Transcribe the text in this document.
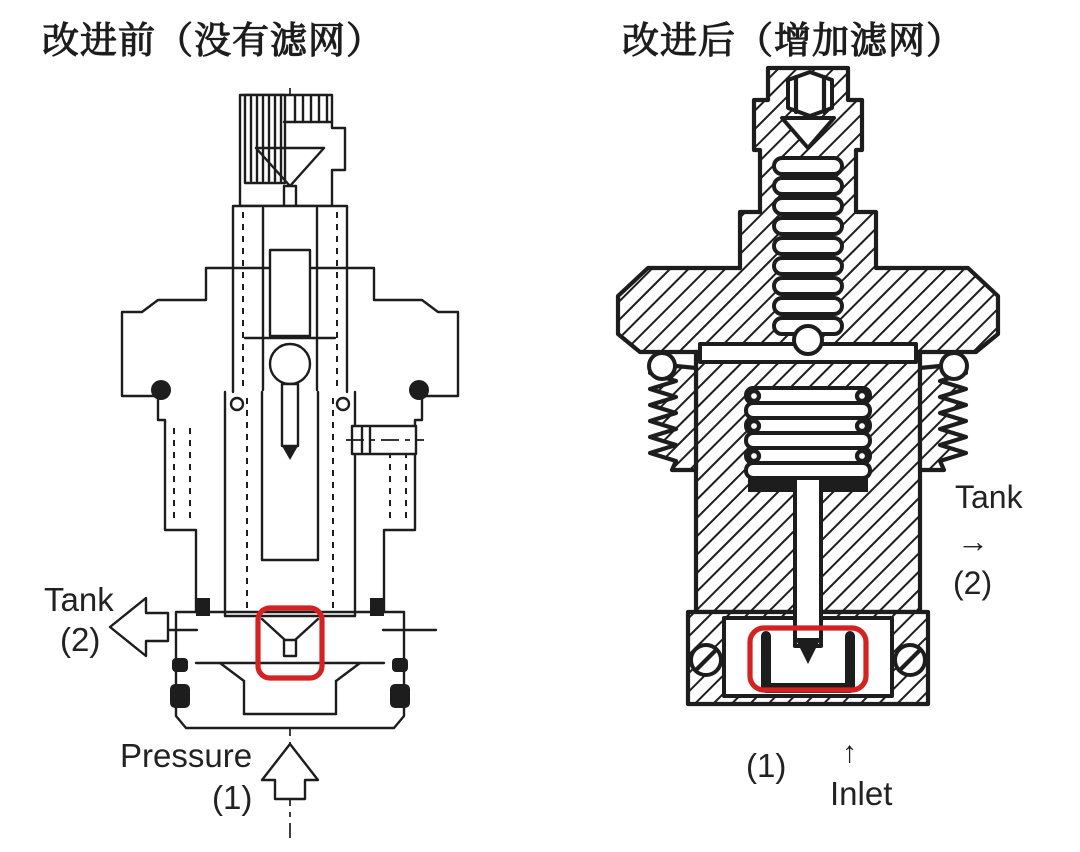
改进前（没有滤网）	改进后（增加滤网）
Tank
(2)
Pressure
(1)
Tank
→
(2)
(1) ↑
Inlet
